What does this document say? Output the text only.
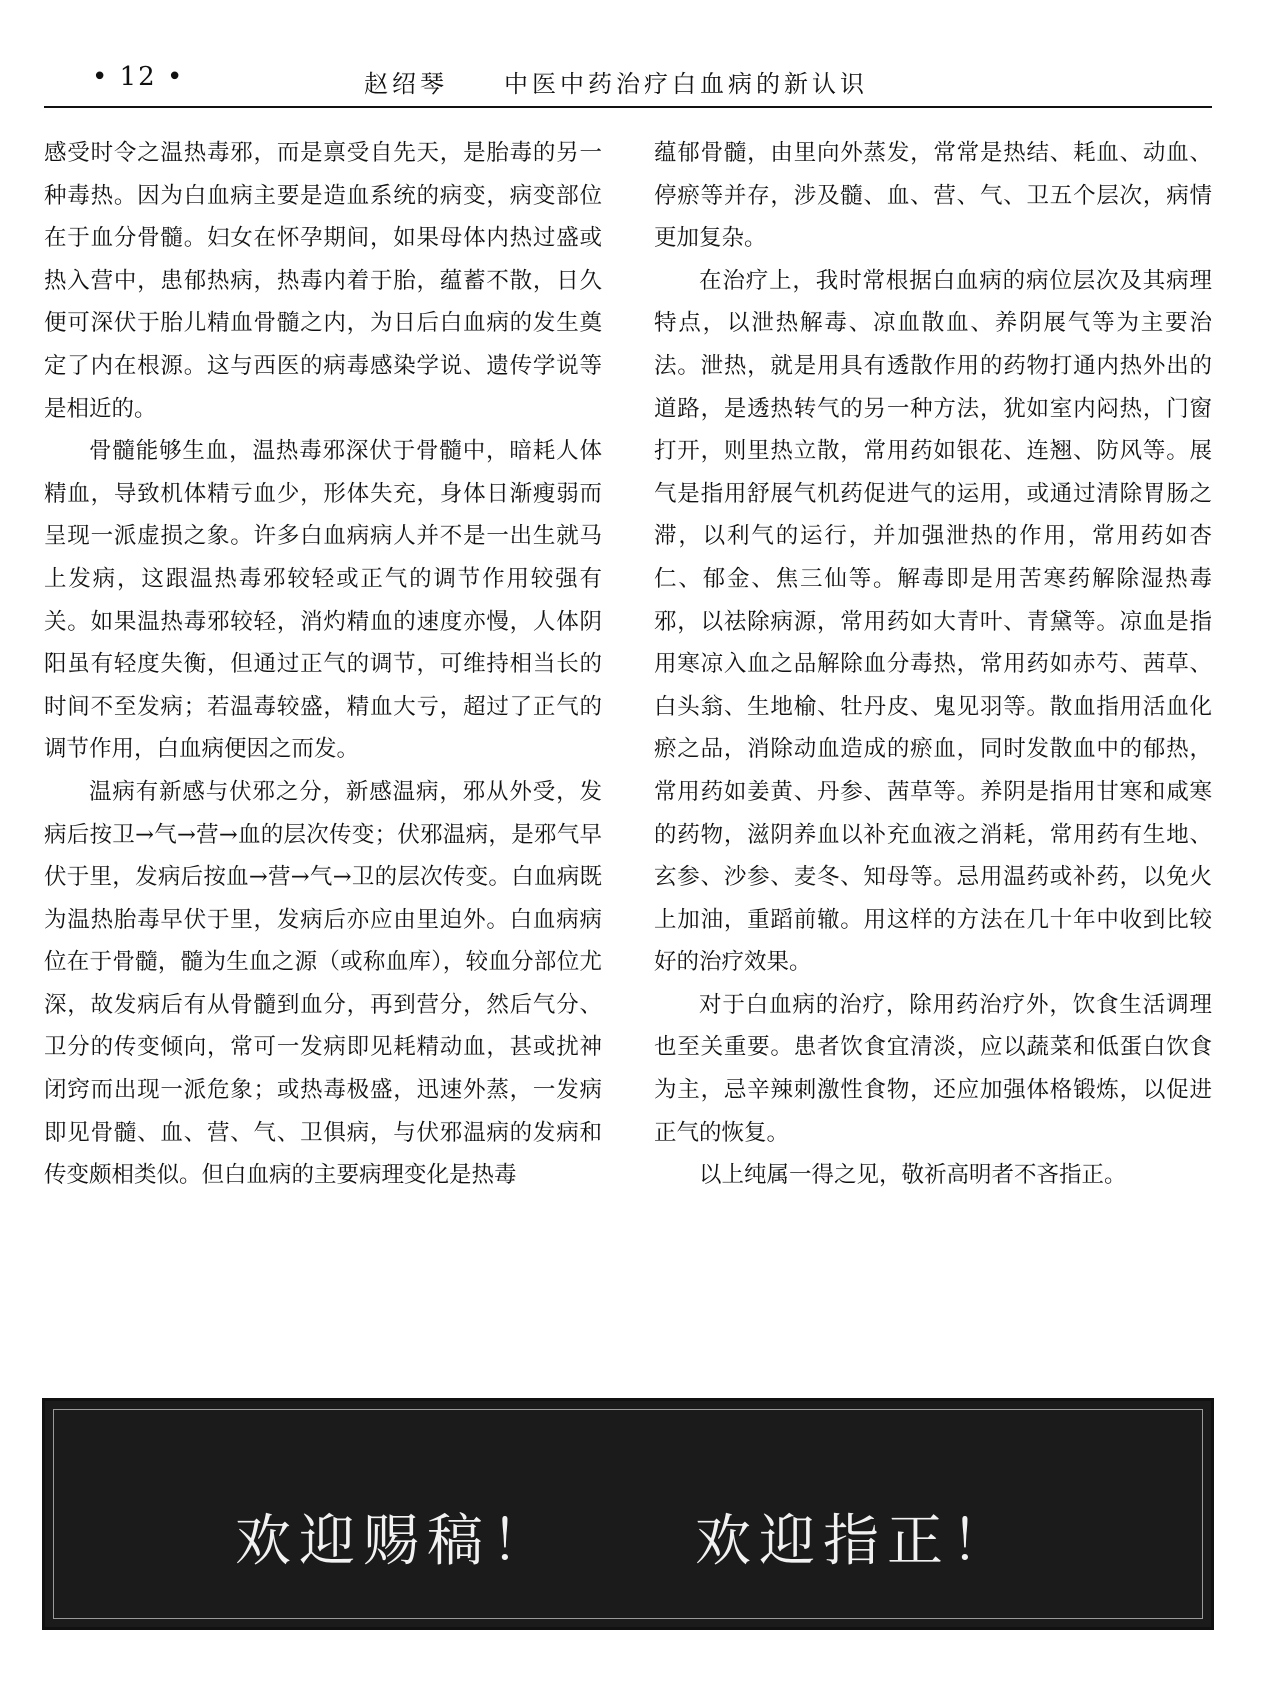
• 12 •	赵绍琴 中医中药治疗白血病的新认识

感受时令之温热毒邪，而是禀受自先天，是胎毒的另一种毒热。因为白血病主要是造血系统的病变，病变部位在于血分骨髓。妇女在怀孕期间，如果母体内热过盛或热入营中，患郁热病，热毒内着于胎，蕴蓄不散，日久便可深伏于胎儿精血骨髓之内，为日后白血病的发生奠定了内在根源。这与西医的病毒感染学说、遗传学说等是相近的。

骨髓能够生血，温热毒邪深伏于骨髓中，暗耗人体精血，导致机体精亏血少，形体失充，身体日渐瘦弱而呈现一派虚损之象。许多白血病病人并不是一出生就马上发病，这跟温热毒邪较轻或正气的调节作用较强有关。如果温热毒邪较轻，消灼精血的速度亦慢，人体阴阳虽有轻度失衡，但通过正气的调节，可维持相当长的时间不至发病；若温毒较盛，精血大亏，超过了正气的调节作用，白血病便因之而发。

温病有新感与伏邪之分，新感温病，邪从外受，发病后按卫→气→营→血的层次传变；伏邪温病，是邪气早伏于里，发病后按血→营→气→卫的层次传变。白血病既为温热胎毒早伏于里，发病后亦应由里迫外。白血病病位在于骨髓，髓为生血之源（或称血库），较血分部位尤深，故发病后有从骨髓到血分，再到营分，然后气分、卫分的传变倾向，常可一发病即见耗精动血，甚或扰神闭窍而出现一派危象；或热毒极盛，迅速外蒸，一发病即见骨髓、血、营、气、卫俱病，与伏邪温病的发病和传变颇相类似。但白血病的主要病理变化是热毒

蕴郁骨髓，由里向外蒸发，常常是热结、耗血、动血、停瘀等并存，涉及髓、血、营、气、卫五个层次，病情更加复杂。

在治疗上，我时常根据白血病的病位层次及其病理特点，以泄热解毒、凉血散血、养阴展气等为主要治法。泄热，就是用具有透散作用的药物打通内热外出的道路，是透热转气的另一种方法，犹如室内闷热，门窗打开，则里热立散，常用药如银花、连翘、防风等。展气是指用舒展气机药促进气的运用，或通过清除胃肠之滞，以利气的运行，并加强泄热的作用，常用药如杏仁、郁金、焦三仙等。解毒即是用苦寒药解除湿热毒邪，以祛除病源，常用药如大青叶、青黛等。凉血是指用寒凉入血之品解除血分毒热，常用药如赤芍、茜草、白头翁、生地榆、牡丹皮、鬼见羽等。散血指用活血化瘀之品，消除动血造成的瘀血，同时发散血中的郁热，常用药如姜黄、丹参、茜草等。养阴是指用甘寒和咸寒的药物，滋阴养血以补充血液之消耗，常用药有生地、玄参、沙参、麦冬、知母等。忌用温药或补药，以免火上加油，重蹈前辙。用这样的方法在几十年中收到比较好的治疗效果。

对于白血病的治疗，除用药治疗外，饮食生活调理也至关重要。患者饮食宜清淡，应以蔬菜和低蛋白饮食为主，忌辛辣刺激性食物，还应加强体格锻炼，以促进正气的恢复。

以上纯属一得之见，敬祈高明者不吝指正。

欢迎赐稿！	欢迎指正！
